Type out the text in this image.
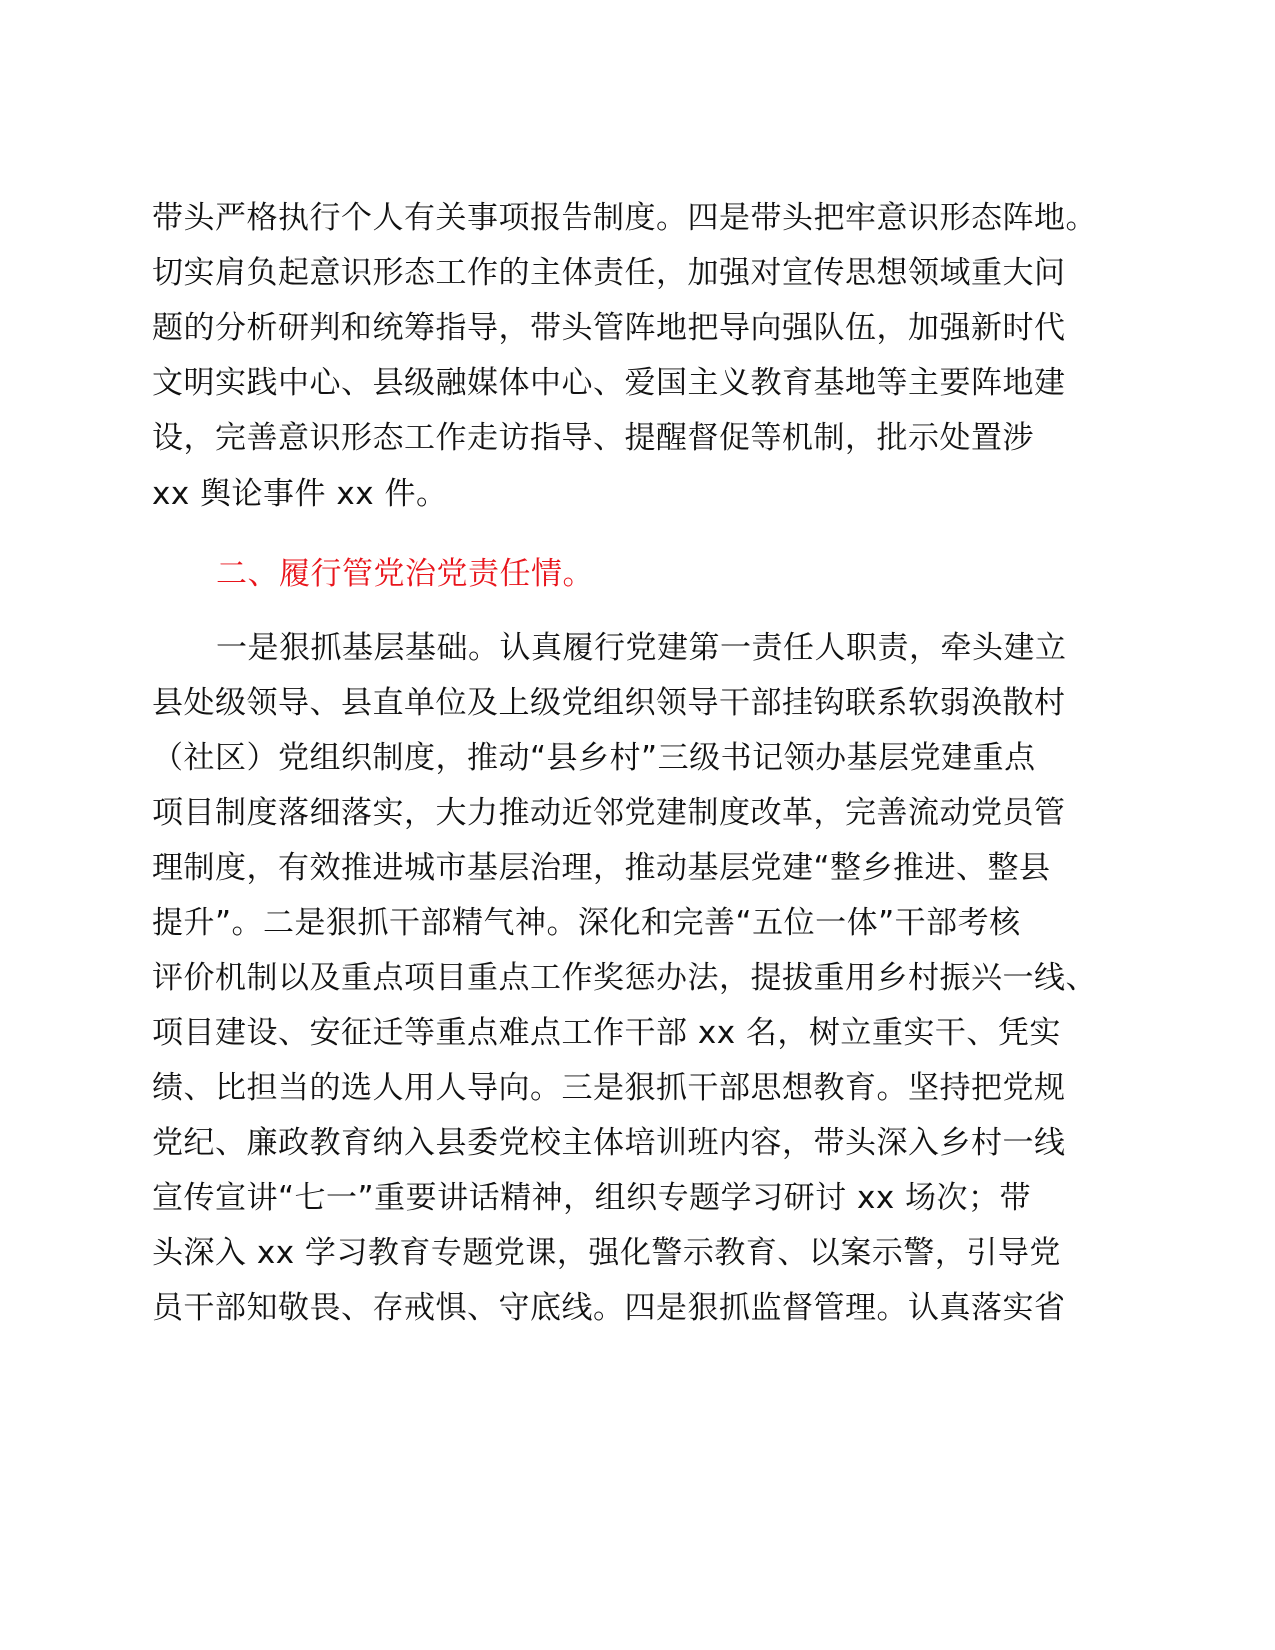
带头严格执行个人有关事项报告制度。四是带头把牢意识形态阵地。
切实肩负起意识形态工作的主体责任，加强对宣传思想领域重大问
题的分析研判和统筹指导，带头管阵地把导向强队伍，加强新时代
文明实践中心、县级融媒体中心、爱国主义教育基地等主要阵地建
设，完善意识形态工作走访指导、提醒督促等机制，批示处置涉
xx 舆论事件 xx 件。
二、履行管党治党责任情。
一是狠抓基层基础。认真履行党建第一责任人职责，牵头建立
县处级领导、县直单位及上级党组织领导干部挂钩联系软弱涣散村
（社区）党组织制度，推动“县乡村”三级书记领办基层党建重点
项目制度落细落实，大力推动近邻党建制度改革，完善流动党员管
理制度，有效推进城市基层治理，推动基层党建“整乡推进、整县
提升”。二是狠抓干部精气神。深化和完善“五位一体”干部考核
评价机制以及重点项目重点工作奖惩办法，提拔重用乡村振兴一线、
项目建设、安征迁等重点难点工作干部 xx 名，树立重实干、凭实
绩、比担当的选人用人导向。三是狠抓干部思想教育。坚持把党规
党纪、廉政教育纳入县委党校主体培训班内容，带头深入乡村一线
宣传宣讲“七一”重要讲话精神，组织专题学习研讨 xx 场次；带
头深入 xx 学习教育专题党课，强化警示教育、以案示警，引导党
员干部知敬畏、存戒惧、守底线。四是狠抓监督管理。认真落实省
